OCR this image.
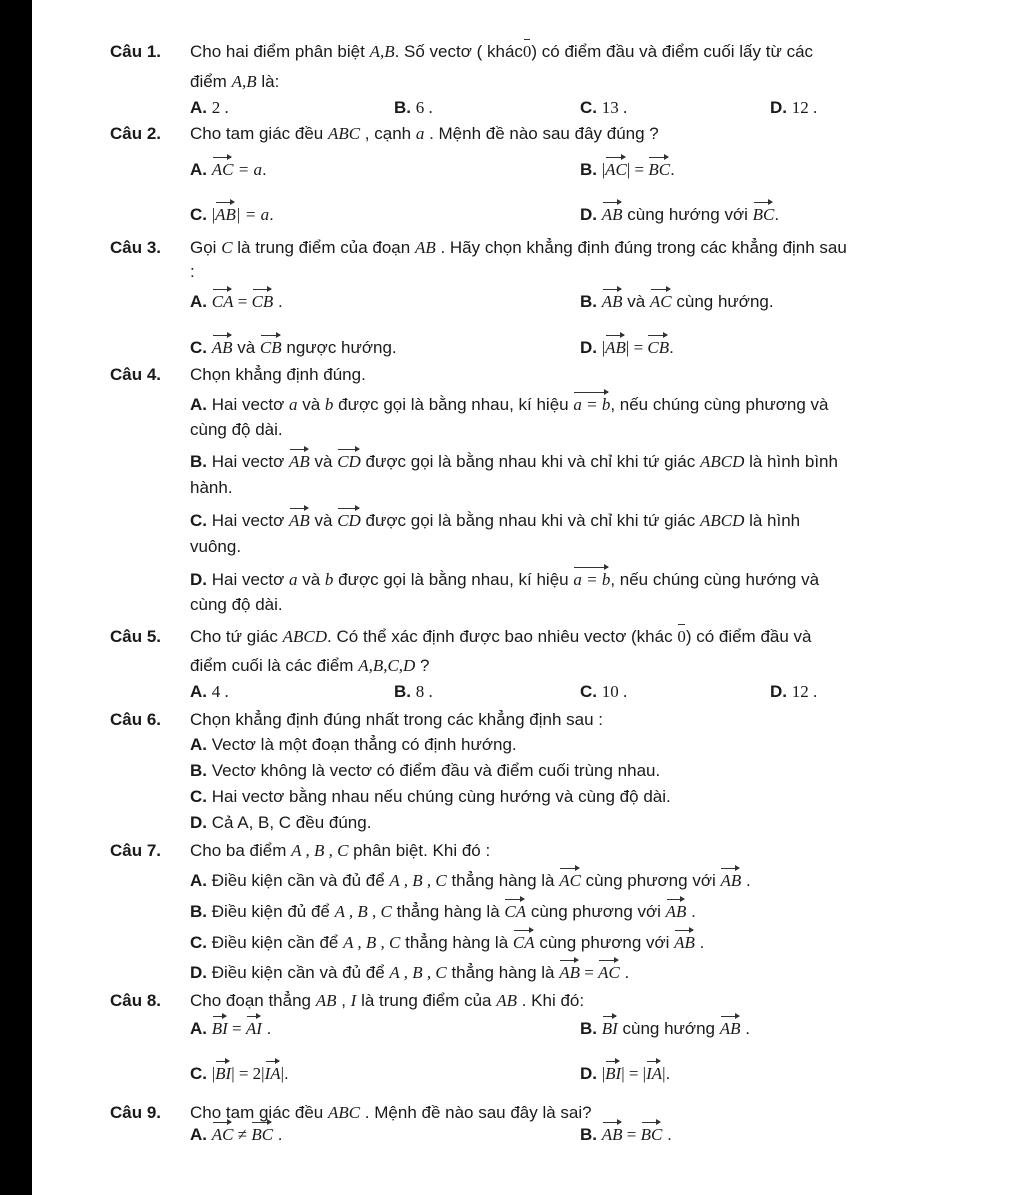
Câu 1. Cho hai điểm phân biệt A,B. Số vectơ ( khác0) có điểm đầu và điểm cuối lấy từ các
điểm A,B là:
A. 2 .	B. 6 .	C. 13 .	D. 12 .
Câu 2. Cho tam giác đều ABC , cạnh a . Mệnh đề nào sau đây đúng ?
A. AC = a.	B. |AC| = BC.
C. |AB| = a.	D. AB cùng hướng với BC.
Câu 3. Gọi C là trung điểm của đoạn AB . Hãy chọn khẳng định đúng trong các khẳng định sau
:
A. CA = CB .	B. AB và AC cùng hướng.
C. AB và CB ngược hướng.	D. |AB| = CB.
Câu 4. Chọn khẳng định đúng.
A. Hai vectơ a và b được gọi là bằng nhau, kí hiệu a = b, nếu chúng cùng phương và
cùng độ dài.
B. Hai vectơ AB và CD được gọi là bằng nhau khi và chỉ khi tứ giác ABCD là hình bình
hành.
C. Hai vectơ AB và CD được gọi là bằng nhau khi và chỉ khi tứ giác ABCD là hình
vuông.
D. Hai vectơ a và b được gọi là bằng nhau, kí hiệu a = b, nếu chúng cùng hướng và
cùng độ dài.
Câu 5. Cho tứ giác ABCD. Có thể xác định được bao nhiêu vectơ (khác 0) có điểm đầu và
điểm cuối là các điểm A,B,C,D ?
A. 4 .	B. 8 .	C. 10 .	D. 12 .
Câu 6. Chọn khẳng định đúng nhất trong các khẳng định sau :
A. Vectơ là một đoạn thẳng có định hướng.
B. Vectơ không là vectơ có điểm đầu và điểm cuối trùng nhau.
C. Hai vectơ bằng nhau nếu chúng cùng hướng và cùng độ dài.
D. Cả A, B, C đều đúng.
Câu 7. Cho ba điểm A , B , C phân biệt. Khi đó :
A. Điều kiện cần và đủ để A , B , C thẳng hàng là AC cùng phương với AB .
B. Điều kiện đủ để A , B , C thẳng hàng là CA cùng phương với AB .
C. Điều kiện cần để A , B , C thẳng hàng là CA cùng phương với AB .
D. Điều kiện cần và đủ để A , B , C thẳng hàng là AB = AC .
Câu 8. Cho đoạn thẳng AB , I là trung điểm của AB . Khi đó:
A. BI = AI .	B. BI cùng hướng AB .
C. |BI| = 2|IA|.	D. |BI| = |IA|.
Câu 9. Cho tam giác đều ABC . Mệnh đề nào sau đây là sai?
A. AC ≠ BC .	B. AB = BC .
